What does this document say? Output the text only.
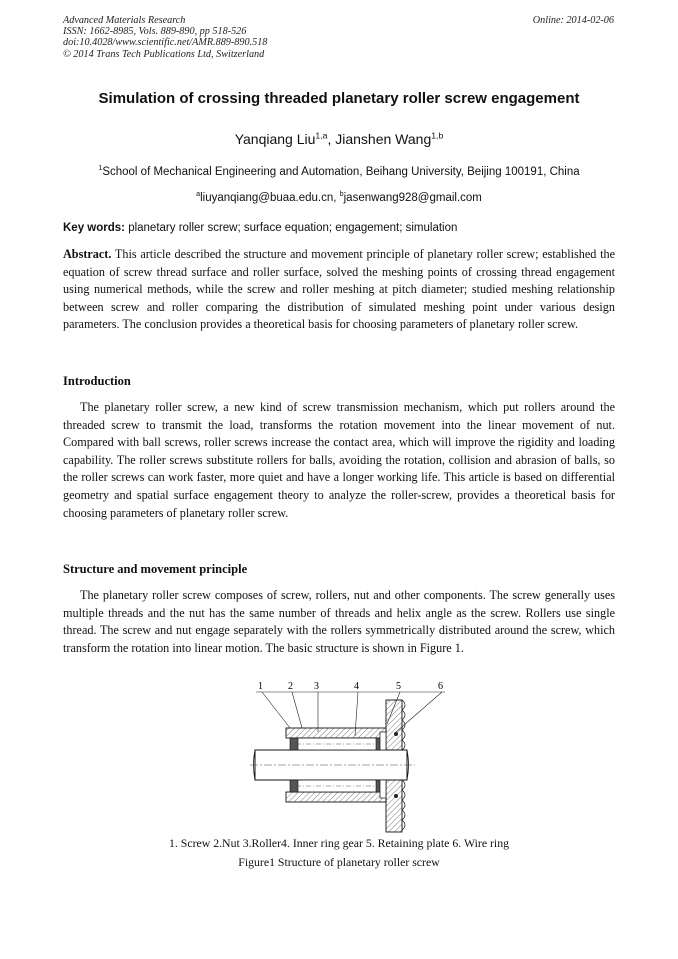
Advanced Materials Research
ISSN: 1662-8985, Vols. 889-890, pp 518-526
doi:10.4028/www.scientific.net/AMR.889-890.518
© 2014 Trans Tech Publications Ltd, Switzerland
Online: 2014-02-06
Simulation of crossing threaded planetary roller screw engagement
Yanqiang Liu$^{1,a}$, Jianshen Wang$^{1,b}$
$^1$School of Mechanical Engineering and Automation, Beihang University, Beijing 100191, China
$^a$liuyanqiang@buaa.edu.cn, $^b$jasenwang928@gmail.com
Key words: planetary roller screw; surface equation; engagement; simulation
Abstract. This article described the structure and movement principle of planetary roller screw; established the equation of screw thread surface and roller surface, solved the meshing points of crossing thread engagement using numerical methods, while the screw and roller meshing at pitch diameter; studied meshing relationship between screw and roller comparing the distribution of simulated meshing point under various design parameters. The conclusion provides a theoretical basis for choosing parameters of planetary roller screw.
Introduction
The planetary roller screw, a new kind of screw transmission mechanism, which put rollers around the threaded screw to transmit the load, transforms the rotation movement into the linear movement of nut. Compared with ball screws, roller screws increase the contact area, which will improve the rigidity and loading capability. The roller screws substitute rollers for balls, avoiding the rotation, collision and abrasion of balls, so the roller screws can work faster, more quiet and have a longer working life. This article is based on differential geometry and spatial surface engagement theory to analyze the roller-screw, provides a theoretical basis for choosing parameters of planetary roller screw.
Structure and movement principle
The planetary roller screw composes of screw, rollers, nut and other components. The screw generally uses multiple threads and the nut has the same number of threads and helix angle as the screw. Rollers use single thread. The screw and nut engage separately with the rollers symmetrically distributed around the screw, which transform the rotation into linear motion. The basic structure is shown in Figure 1.
1	2 3	4	5	6
1. Screw 2.Nut 3.Roller4. Inner ring gear 5. Retaining plate 6. Wire ring
Figure1 Structure of planetary roller screw
